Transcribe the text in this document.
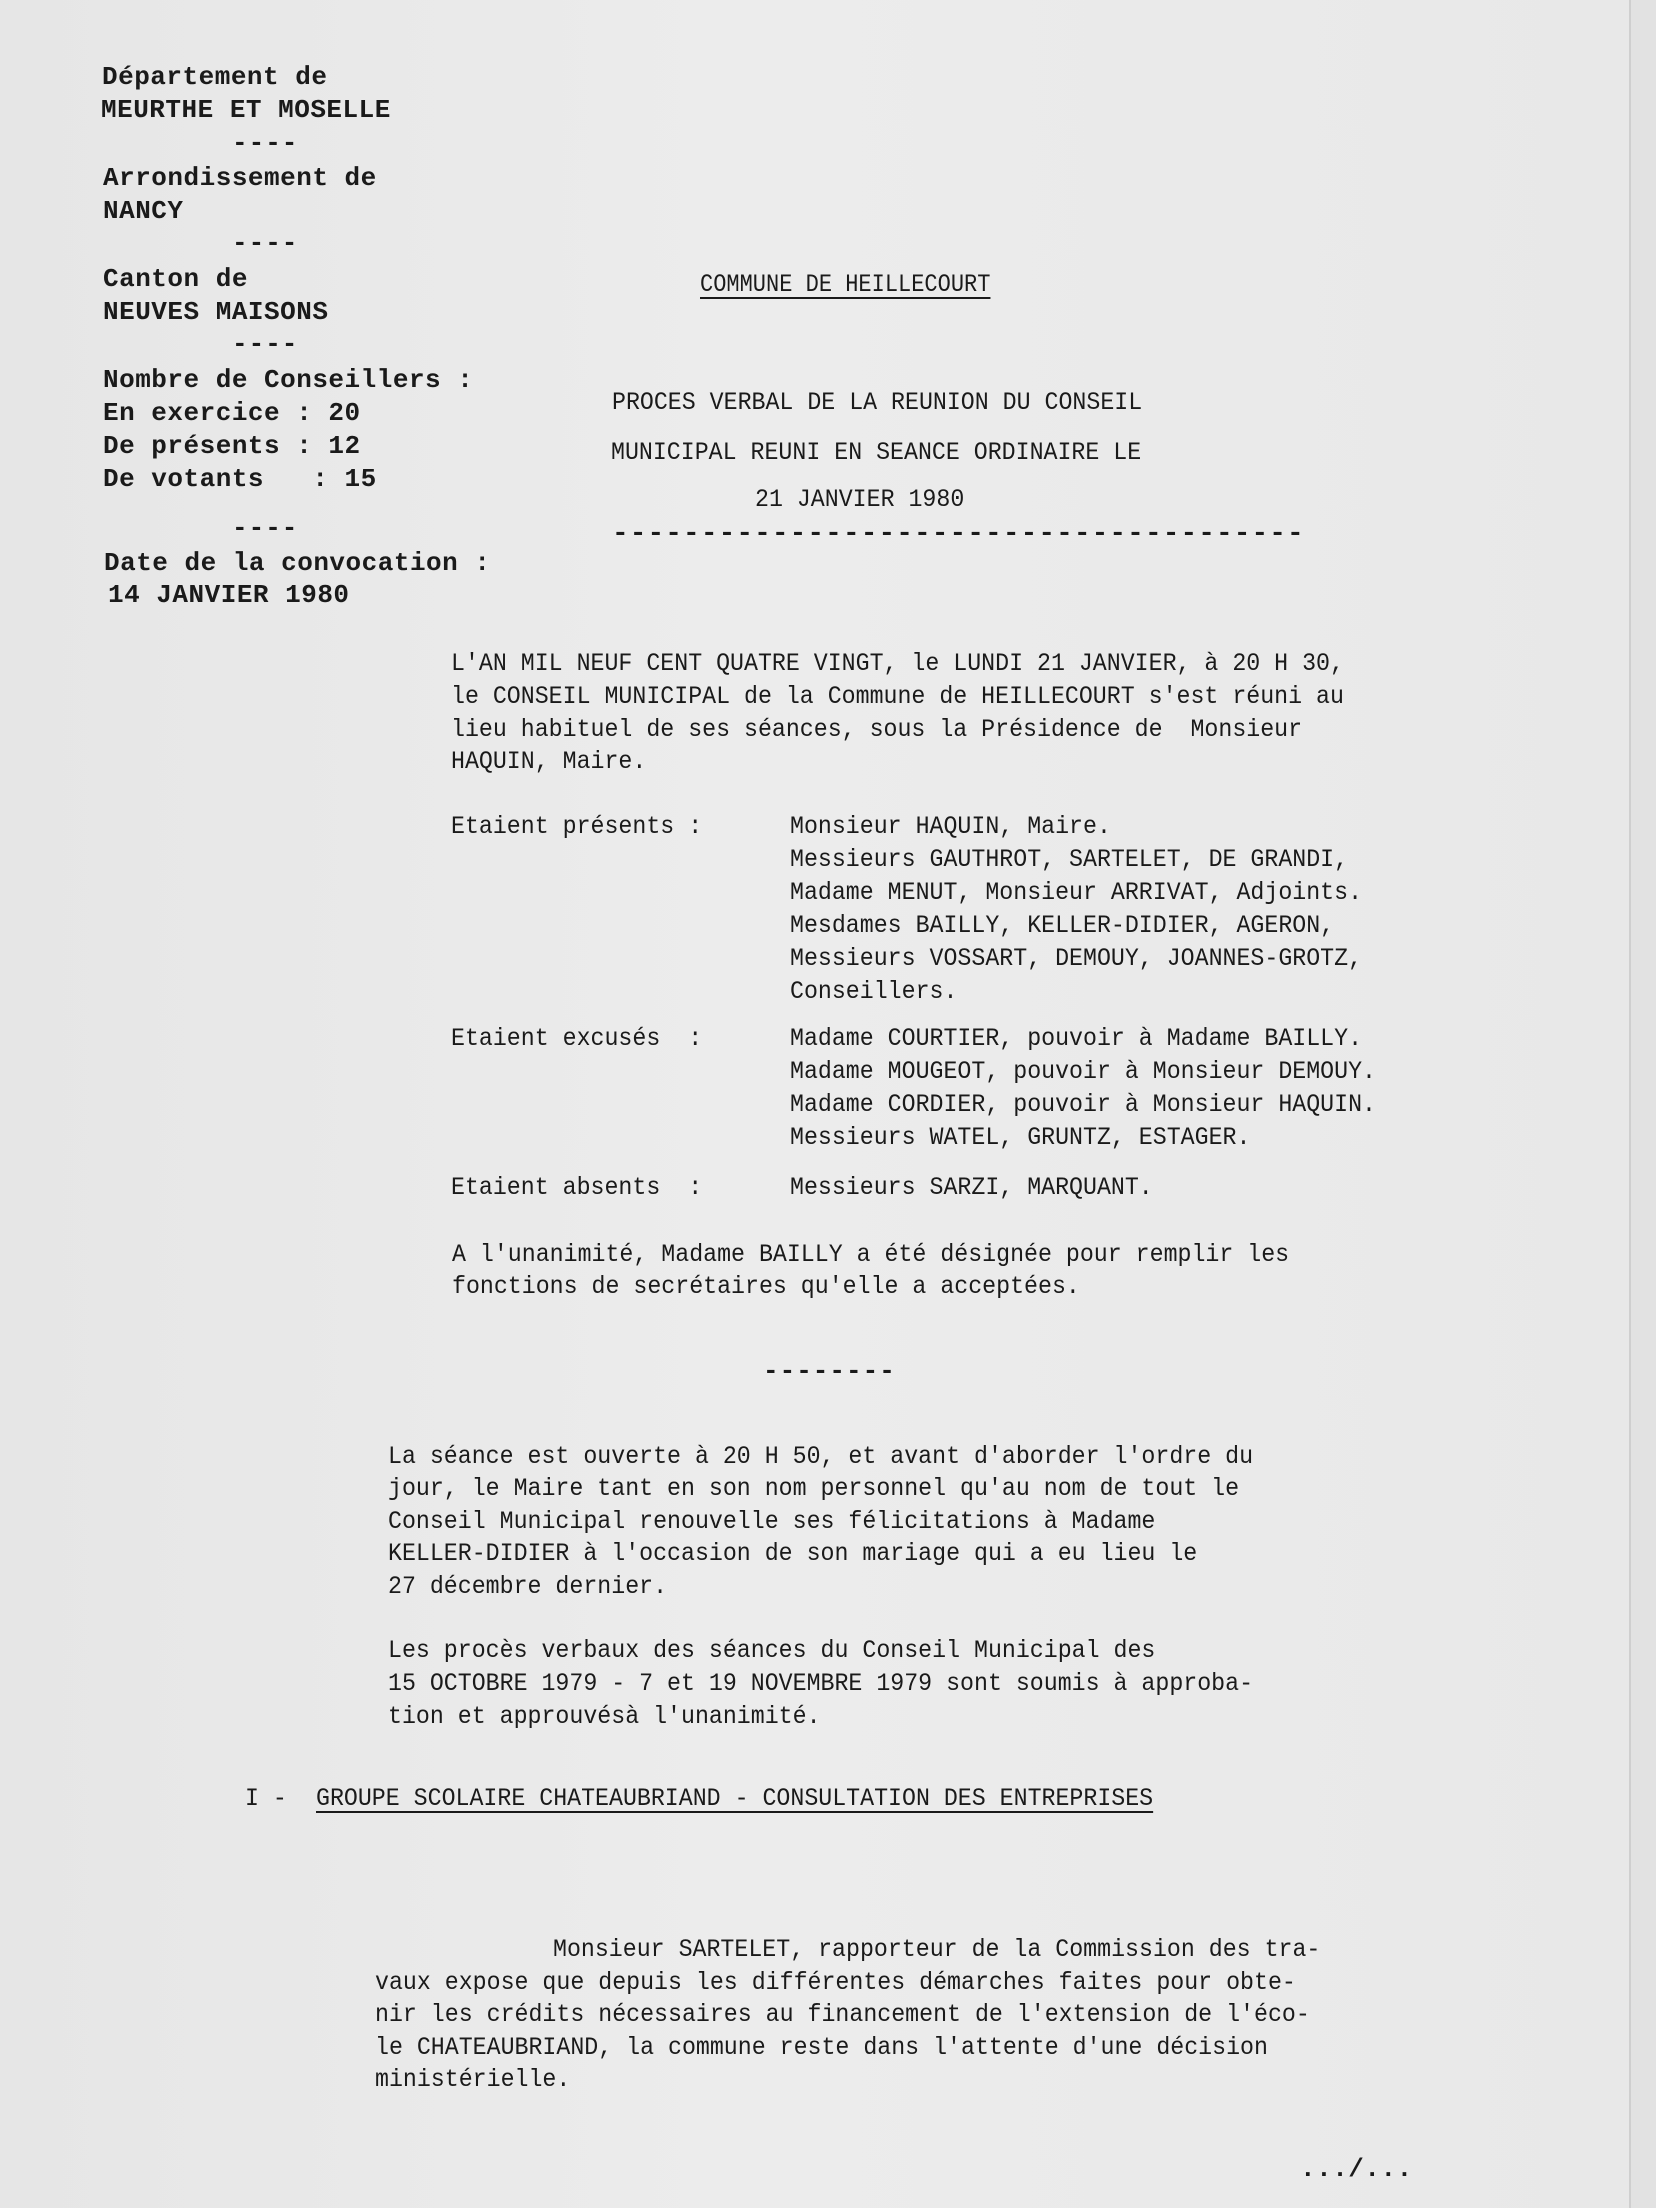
Département de
MEURTHE ET MOSELLE
----
Arrondissement de
NANCY
----
Canton de
NEUVES MAISONS
----
Nombre de Conseillers :
En exercice : 20
De présents : 12
De votants   : 15
----
Date de la convocation :
14 JANVIER 1980
COMMUNE DE HEILLECOURT
PROCES VERBAL DE LA REUNION DU CONSEIL
MUNICIPAL REUNI EN SEANCE ORDINAIRE LE
21 JANVIER 1980
---------------------------------------
L'AN MIL NEUF CENT QUATRE VINGT, le LUNDI 21 JANVIER, à 20 H 30,
le CONSEIL MUNICIPAL de la Commune de HEILLECOURT s'est réuni au
lieu habituel de ses séances, sous la Présidence de  Monsieur
HAQUIN, Maire.
Etaient présents :	Monsieur HAQUIN, Maire.
Messieurs GAUTHROT, SARTELET, DE GRANDI,
Madame MENUT, Monsieur ARRIVAT, Adjoints.
Mesdames BAILLY, KELLER-DIDIER, AGERON,
Messieurs VOSSART, DEMOUY, JOANNES-GROTZ,
Conseillers.
Etaient excusés  :	Madame COURTIER, pouvoir à Madame BAILLY.
Madame MOUGEOT, pouvoir à Monsieur DEMOUY.
Madame CORDIER, pouvoir à Monsieur HAQUIN.
Messieurs WATEL, GRUNTZ, ESTAGER.
Etaient absents  :	Messieurs SARZI, MARQUANT.
A l'unanimité, Madame BAILLY a été désignée pour remplir les
fonctions de secrétaires qu'elle a acceptées.
--------
La séance est ouverte à 20 H 50, et avant d'aborder l'ordre du
jour, le Maire tant en son nom personnel qu'au nom de tout le
Conseil Municipal renouvelle ses félicitations à Madame
KELLER-DIDIER à l'occasion de son mariage qui a eu lieu le
27 décembre dernier.
Les procès verbaux des séances du Conseil Municipal des
15 OCTOBRE 1979 - 7 et 19 NOVEMBRE 1979 sont soumis à approba-
tion et approuvésà l'unanimité.
I - GROUPE SCOLAIRE CHATEAUBRIAND - CONSULTATION DES ENTREPRISES
Monsieur SARTELET, rapporteur de la Commission des tra-
vaux expose que depuis les différentes démarches faites pour obte-
nir les crédits nécessaires au financement de l'extension de l'éco-
le CHATEAUBRIAND, la commune reste dans l'attente d'une décision
ministérielle.
.../...
